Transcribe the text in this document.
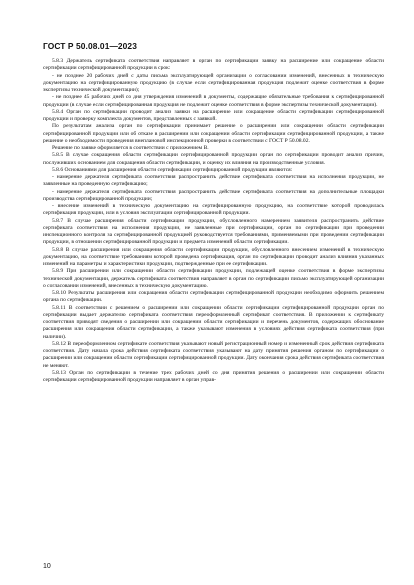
ГОСТ Р 50.08.01—2023

5.8.3 Держатель сертификата соответствия направляет в орган по сертификации заявку на расширение или сокращение области сертификации сертифицированной продукции в срок:

- не позднее 20 рабочих дней с даты письма эксплуатирующей организации о согласовании изменений, внесенных в техническую документацию на сертифицированную продукцию (в случае если сертифицированная продукция подлежит оценке соответствия в форме экспертизы технической документации);

- не позднее 45 рабочих дней со дня утверждения изменений в документы, содержащие обязательные требования к сертифицированной продукции (в случае если сертифицированная продукция не подлежит оценке соответствия в форме экспертизы технической документации).

5.8.4 Орган по сертификации проводит анализ заявки на расширение или сокращение области сертификации сертифицированной продукции и проверку комплекта документов, представленных с заявкой.

По результатам анализа орган по сертификации принимает решение о расширении или сокращении области сертификации сертифицированной продукции или об отказе в расширении или сокращении области сертификации сертифицированной продукции, а также решение о необходимости проведения внеплановой инспекционной проверки в соответствии с ГОСТ Р 50.08.02.

Решение по заявке оформляется в соответствии с приложением В.

5.8.5 В случае сокращения области сертификации сертифицированной продукции орган по сертификации проводит анализ причин, послуживших основанием для сокращения области сертификации, и оценку их влияния на производственные условия.

5.8.6 Основаниями для расширения области сертификации сертифицированной продукции являются:

- намерение держателя сертификата соответствия распространить действие сертификата соответствия на исполнения продукции, не заявленные на проведенную сертификацию;

- намерение держателя сертификата соответствия распространить действие сертификата соответствия на дополнительные площадки производства сертифицированной продукции;

- внесение изменений в техническую документацию на сертифицированную продукцию, на соответствие которой проводилась сертификация продукции, или в условия эксплуатации сертифицированной продукции.

5.8.7 В случае расширения области сертификации продукции, обусловленного намерением заявителя распространить действие сертификата соответствия на исполнения продукции, не заявленные при сертификации, орган по сертификации при проведении инспекционного контроля за сертифицированной продукцией руководствуется требованиями, применяемыми при проведении сертификации продукции, в отношении сертифицированной продукции и предмета изменений области сертификации.

5.8.8 В случае расширения или сокращения области сертификации продукции, обусловленного внесением изменений в техническую документацию, на соответствие требованиям которой проведена сертификация, орган по сертификации проводит анализ влияния указанных изменений на параметры и характеристики продукции, подтвержденные при ее сертификации.

5.8.9 При расширении или сокращении области сертификации продукции, подлежащей оценке соответствия в форме экспертизы технической документации, держатель сертификата соответствия направляет в орган по сертификации письмо эксплуатирующей организации о согласовании изменений, внесенных в техническую документацию.

5.8.10 Результаты расширения или сокращения области сертификации сертифицированной продукции необходимо оформить решением органа по сертификации.

5.8.11 В соответствии с решением о расширении или сокращении области сертификации сертифицированной продукции орган по сертификации выдает держателю сертификата соответствия переоформленный сертификат соответствия. В приложении к сертификату соответствия приводят сведения о расширении или сокращении области сертификации и перечень документов, содержащих обоснование расширения или сокращения области сертификации, а также указывают изменения в условиях действия сертификата соответствия (при наличии).

5.8.12 В переоформленном сертификате соответствия указывают новый регистрационный номер и измененный срок действия сертификата соответствия. Дату начала срока действия сертификата соответствия указывают на дату принятия решения органом по сертификации о расширении или сокращении области сертификации сертифицированной продукции. Дату окончания срока действия сертификата соответствия не меняют.

5.8.13 Орган по сертификации в течение трех рабочих дней со дня принятия решения о расширении или сокращении области сертификации сертифицированной продукции направляет в орган управ-

10
